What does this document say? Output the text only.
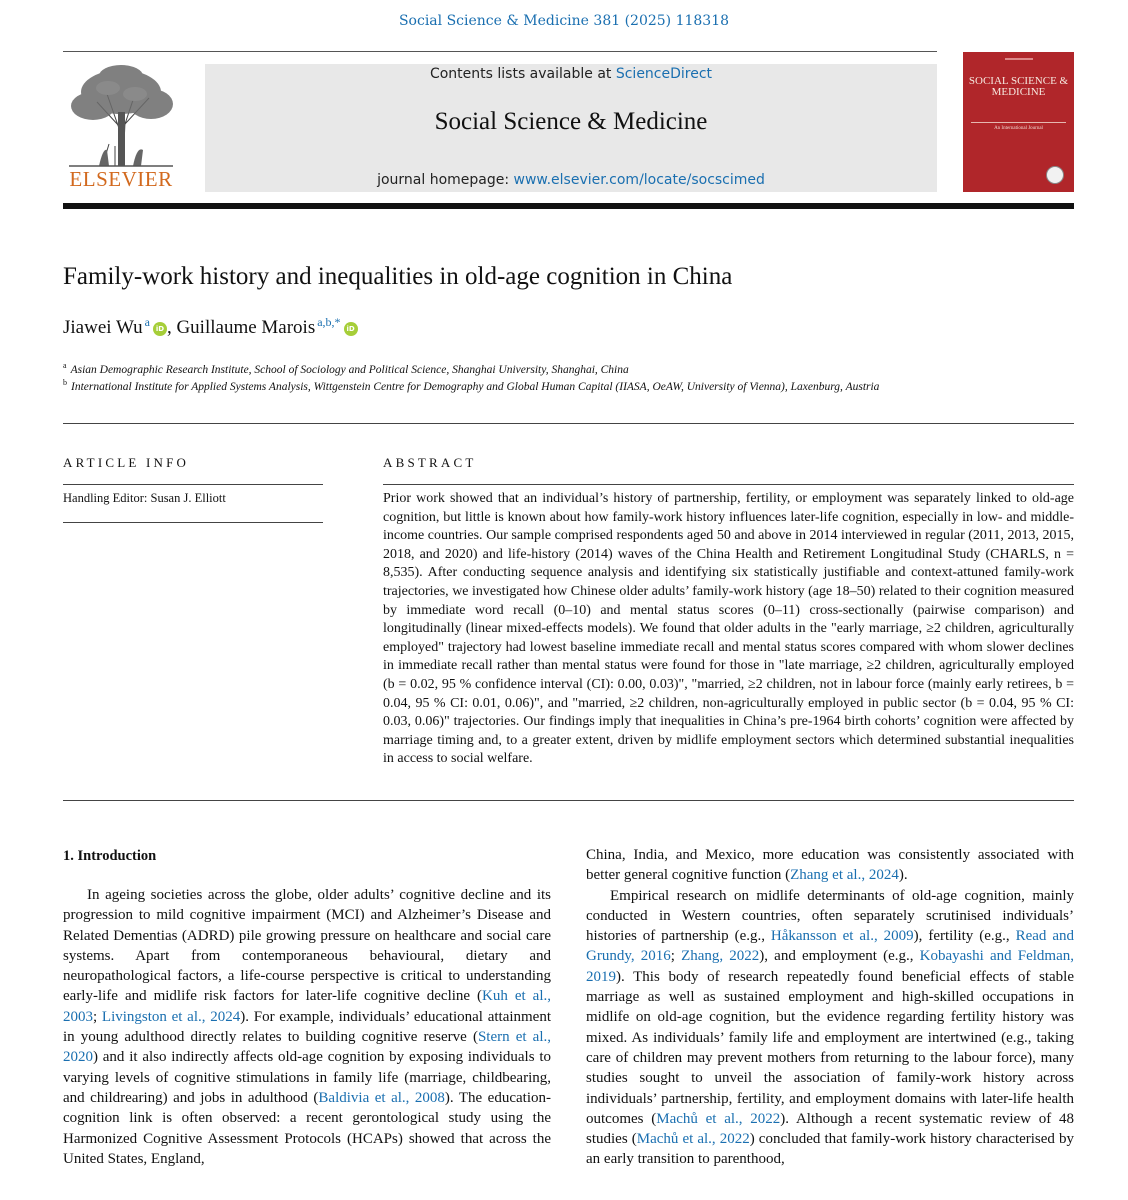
Social Science & Medicine 381 (2025) 118318
ELSEVIER
Contents lists available at ScienceDirect
Social Science & Medicine
journal homepage: www.elsevier.com/locate/socscimed
SOCIAL SCIENCE & MEDICINE
An International Journal
Family-work history and inequalities in old-age cognition in China
Jiawei Wu $^a$ iD , Guillaume Marois $^{a,b,*}$ iD
$^a$ Asian Demographic Research Institute, School of Sociology and Political Science, Shanghai University, Shanghai, China
$^b$ International Institute for Applied Systems Analysis, Wittgenstein Centre for Demography and Global Human Capital (IIASA, OeAW, University of Vienna), Laxenburg, Austria
ARTICLE INFO
Handling Editor: Susan J. Elliott
ABSTRACT
Prior work showed that an individual’s history of partnership, fertility, or employment was separately linked to old-age cognition, but little is known about how family-work history influences later-life cognition, especially in low- and middle-income countries. Our sample comprised respondents aged 50 and above in 2014 interviewed in regular (2011, 2013, 2015, 2018, and 2020) and life-history (2014) waves of the China Health and Retirement Longitudinal Study (CHARLS, n = 8,535). After conducting sequence analysis and identifying six statistically justifiable and context-attuned family-work trajectories, we investigated how Chinese older adults’ family-work history (age 18–50) related to their cognition measured by immediate word recall (0–10) and mental status scores (0–11) cross-sectionally (pairwise comparison) and longitudinally (linear mixed-effects models). We found that older adults in the "early marriage, ≥2 children, agriculturally employed" trajectory had lowest baseline immediate recall and mental status scores compared with whom slower declines in immediate recall rather than mental status were found for those in "late marriage, ≥2 children, agriculturally employed (b = 0.02, 95 % confidence interval (CI): 0.00, 0.03)", "married, ≥2 children, not in labour force (mainly early retirees, b = 0.04, 95 % CI: 0.01, 0.06)", and "married, ≥2 children, non-agriculturally employed in public sector (b = 0.04, 95 % CI: 0.03, 0.06)" trajectories. Our findings imply that inequalities in China’s pre-1964 birth cohorts’ cognition were affected by marriage timing and, to a greater extent, driven by midlife employment sectors which determined substantial inequalities in access to social welfare.
1. Introduction

In ageing societies across the globe, older adults’ cognitive decline and its progression to mild cognitive impairment (MCI) and Alzheimer’s Disease and Related Dementias (ADRD) pile growing pressure on healthcare and social care systems. Apart from contemporaneous behavioural, dietary and neuropathological factors, a life-course perspective is critical to understanding early-life and midlife risk factors for later-life cognitive decline (Kuh et al., 2003; Livingston et al., 2024). For example, individuals’ educational attainment in young adulthood directly relates to building cognitive reserve (Stern et al., 2020) and it also indirectly affects old-age cognition by exposing individuals to varying levels of cognitive stimulations in family life (marriage, childbearing, and childrearing) and jobs in adulthood (Baldivia et al., 2008). The education-cognition link is often observed: a recent gerontological study using the Harmonized Cognitive Assessment Protocols (HCAPs) showed that across the United States, England,

China, India, and Mexico, more education was consistently associated with better general cognitive function (Zhang et al., 2024).

Empirical research on midlife determinants of old-age cognition, mainly conducted in Western countries, often separately scrutinised individuals’ histories of partnership (e.g., Håkansson et al., 2009), fertility (e.g., Read and Grundy, 2016; Zhang, 2022), and employment (e.g., Kobayashi and Feldman, 2019). This body of research repeatedly found beneficial effects of stable marriage as well as sustained employment and high-skilled occupations in midlife on old-age cognition, but the evidence regarding fertility history was mixed. As individuals’ family life and employment are intertwined (e.g., taking care of children may prevent mothers from returning to the labour force), many studies sought to unveil the association of family-work history across individuals’ partnership, fertility, and employment domains with later-life health outcomes (Machů et al., 2022). Although a recent systematic review of 48 studies (Machů et al., 2022) concluded that family-work history characterised by an early transition to parenthood,
